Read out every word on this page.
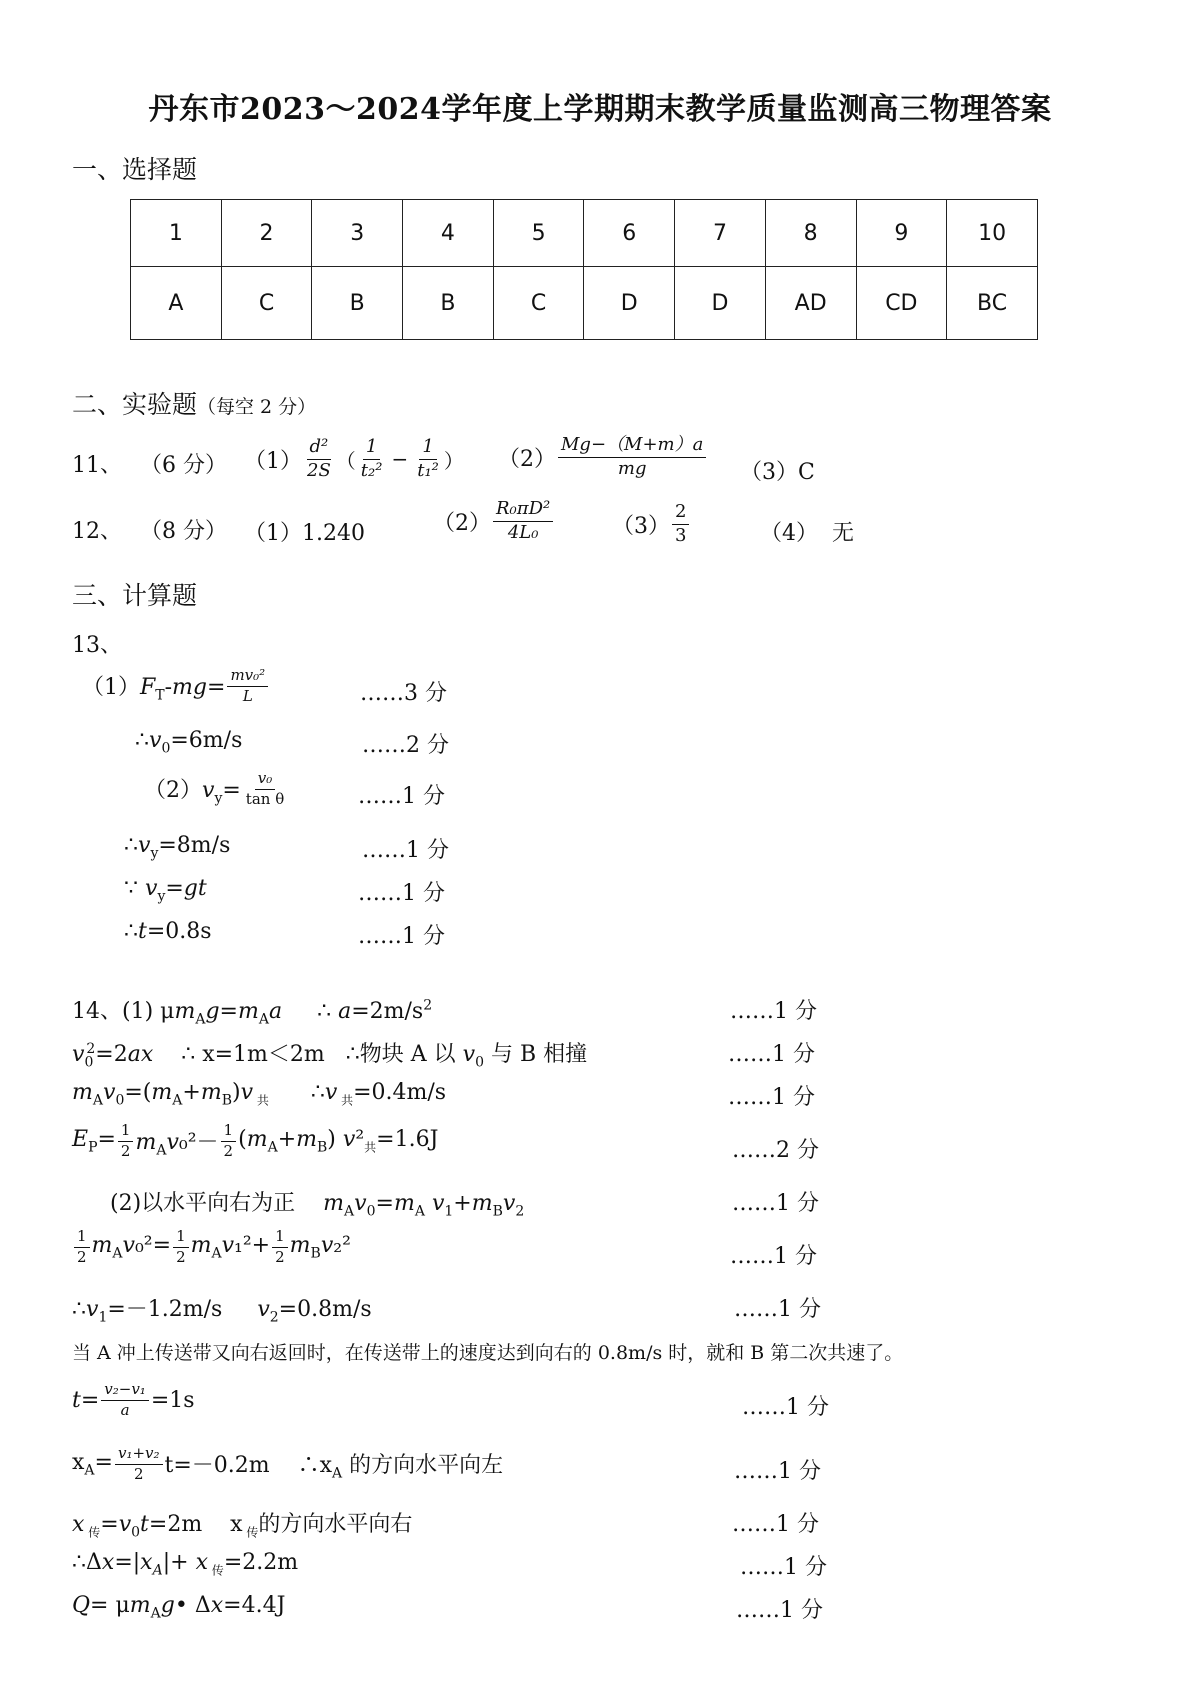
丹东市2023～2024学年度上学期期末教学质量监测高三物理答案
一、选择题
1	2	3	4	5	6	7	8	9	10
A	C	B	B	C	D	D	AD	CD	BC
二、实验题（每空 2 分）
11、 （6 分） $(1) \frac{\text{d²}}{2S}$ （ $\frac{1}{\text{t₂²}} - \frac{1}{\text{t₁²}}$ ） $(2) \frac{Mg-(M+m)a}{mg} (3)C$
12、 （8 分） （1）1.240	$(2) \frac{\text{R₀πD²}}{\text{4L₀}}$	$(3) \frac{2}{3}$	（4） 无
三、计算题
13、
$(1)F_T-mg= \frac{\text{mv₀²}}{L}$	……3 分
$\therefore v_0=6m/s$	……2 分
$(2)v_y= \frac{\text{v₀}}{\text{tan θ}}$	……1 分
$\therefore v_y=8m/s$	……1 分
∵ $v_y=gt$	……1 分
∴t=0.8s	……1 分
14、(1) $\mu m_Ag=m_Aa$     ∴ $a=2m/s^2$	……1 分
$v_0^2=2ax$    ∴ x=1m＜2m   ∴物块 A 以 $v_0$ 与 B 相撞	……1 分
$m_Av_0=(m_A+m_B)v$ $_共$      ∴v $_共$=0.4m/s	……1 分
$E_P= \frac{1}{2} m_Av_0^2- \frac{1}{2} (m_A+m_B)$ $v^2_共=1.6J$	……2 分
(2)以水平向右为正    $m_Av_0=m_A$ $v_1+m_Bv_2$	……1 分
$\frac{1}{2} m_Av_0^2= \frac{1}{2} m_Av_1^2+ \frac{1}{2} m_Bv_2^2$	……1 分
$\therefore v_1=-1.2m/s$     $v_2=0.8m/s$	……1 分
当 A 冲上传送带又向右返回时，在传送带上的速度达到向右的 0.8m/s 时，就和 B 第二次共速了。
$t= \frac{\text{v₂−v₁}}{a} =1s$	……1 分
$x_A= \frac{\text{v₁+v₂}}{2} t=-0.2m$    $\therefore x_A$ 的方向水平向左	……1 分
x $_传=v_0t=2m$    x $_传$的方向水平向右	……1 分
$\therefore\Delta x=|x_A|+ x$ $_传$=2.2m	……1 分
$Q= \mu m_Ag•$ Δx=4.4J	……1 分
